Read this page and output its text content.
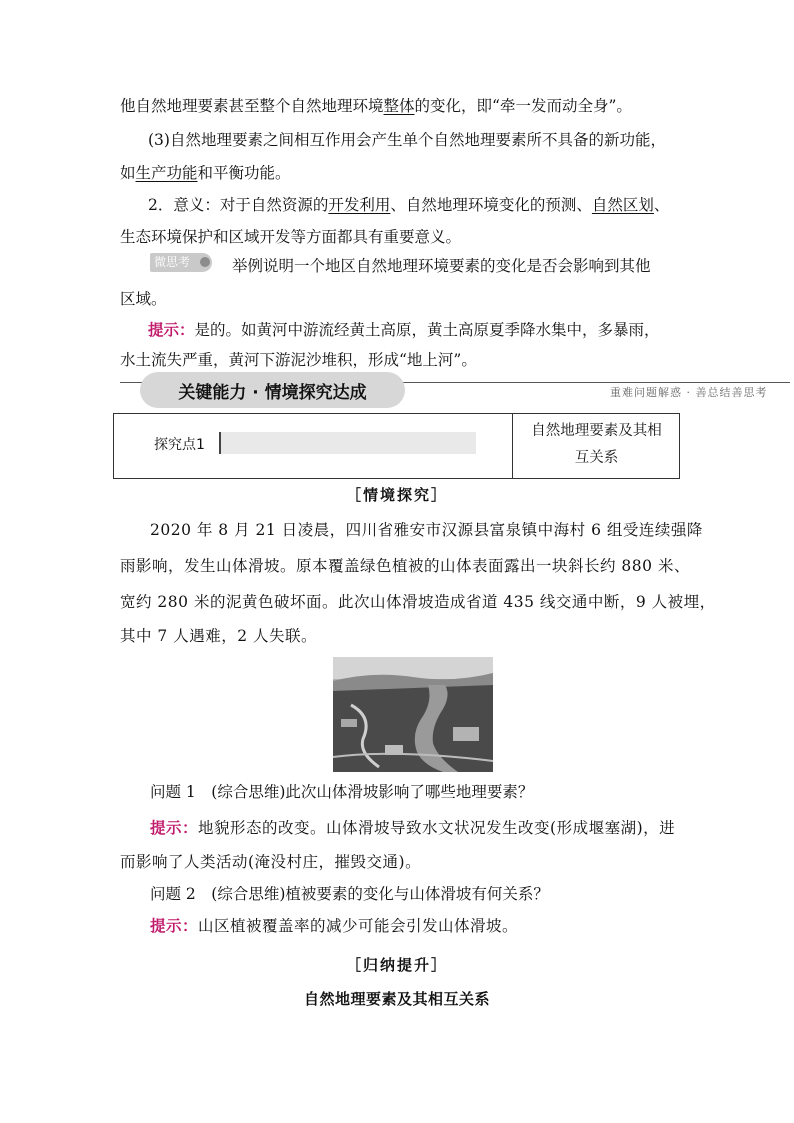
他自然地理要素甚至整个自然地理环境整体的变化，即“牵一发而动全身”。
(3)自然地理要素之间相互作用会产生单个自然地理要素所不具备的新功能，
如生产功能和平衡功能。
2．意义：对于自然资源的开发利用、自然地理环境变化的预测、自然区划、
生态环境保护和区域开发等方面都具有重要意义。
微思考	举例说明一个地区自然地理环境要素的变化是否会影响到其他
区域。
提示：是的。如黄河中游流经黄土高原，黄土高原夏季降水集中，多暴雨，
水土流失严重，黄河下游泥沙堆积，形成“地上河”。
关键能力 · 情境探究达成	重难问题解惑 · 善总结善思考
探究点1
自然地理要素及其相
互关系
［情境探究］
2020 年 8 月 21 日凌晨，四川省雅安市汉源县富泉镇中海村 6 组受连续强降
雨影响，发生山体滑坡。原本覆盖绿色植被的山体表面露出一块斜长约 880 米、
宽约 280 米的泥黄色破坏面。此次山体滑坡造成省道 435 线交通中断，9 人被埋，
其中 7 人遇难，2 人失联。
问题 1　(综合思维)此次山体滑坡影响了哪些地理要素？
提示：地貌形态的改变。山体滑坡导致水文状况发生改变(形成堰塞湖)，进
而影响了人类活动(淹没村庄，摧毁交通)。
问题 2　(综合思维)植被要素的变化与山体滑坡有何关系？
提示：山区植被覆盖率的减少可能会引发山体滑坡。
［归纳提升］
自然地理要素及其相互关系
